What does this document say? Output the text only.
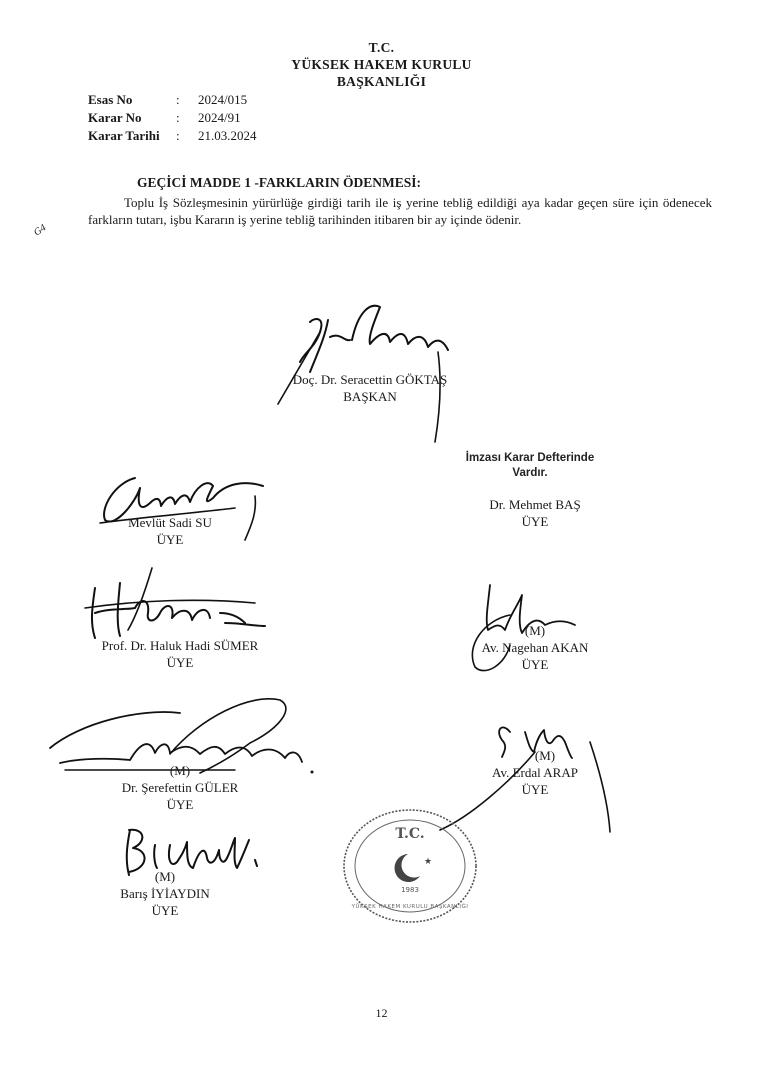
T.C.
YÜKSEK HAKEM KURULU
BAŞKANLIĞI
Esas No	: 2024/015
Karar No	: 2024/91
Karar Tarihi : 21.03.2024
GEÇİCİ MADDE 1 -FARKLARIN ÖDENMESİ:
Toplu İş Sözleşmesinin yürürlüğe girdiği tarih ile iş yerine tebliğ edildiği aya kadar geçen süre için ödenecek farkların tutarı, işbu Kararın iş yerine tebliğ tarihinden itibaren bir ay içinde ödenir.
G4
Doç. Dr. Seracettin GÖKTAŞ
BAŞKAN
İmzası Karar Defterinde
Vardır.
Dr. Mehmet BAŞ
ÜYE
Mevlüt Sadi SU
ÜYE
Prof. Dr. Haluk Hadi SÜMER
ÜYE
(M)
Av. Nagehan AKAN
ÜYE
(M)
Dr. Şerefettin GÜLER
ÜYE
(M)
Av. Erdal ARAP
ÜYE
(M)
Barış İYİAYDIN
ÜYE
★
T.C.
1983
YÜKSEK HAKEM KURULU BAŞKANLIĞI
12
